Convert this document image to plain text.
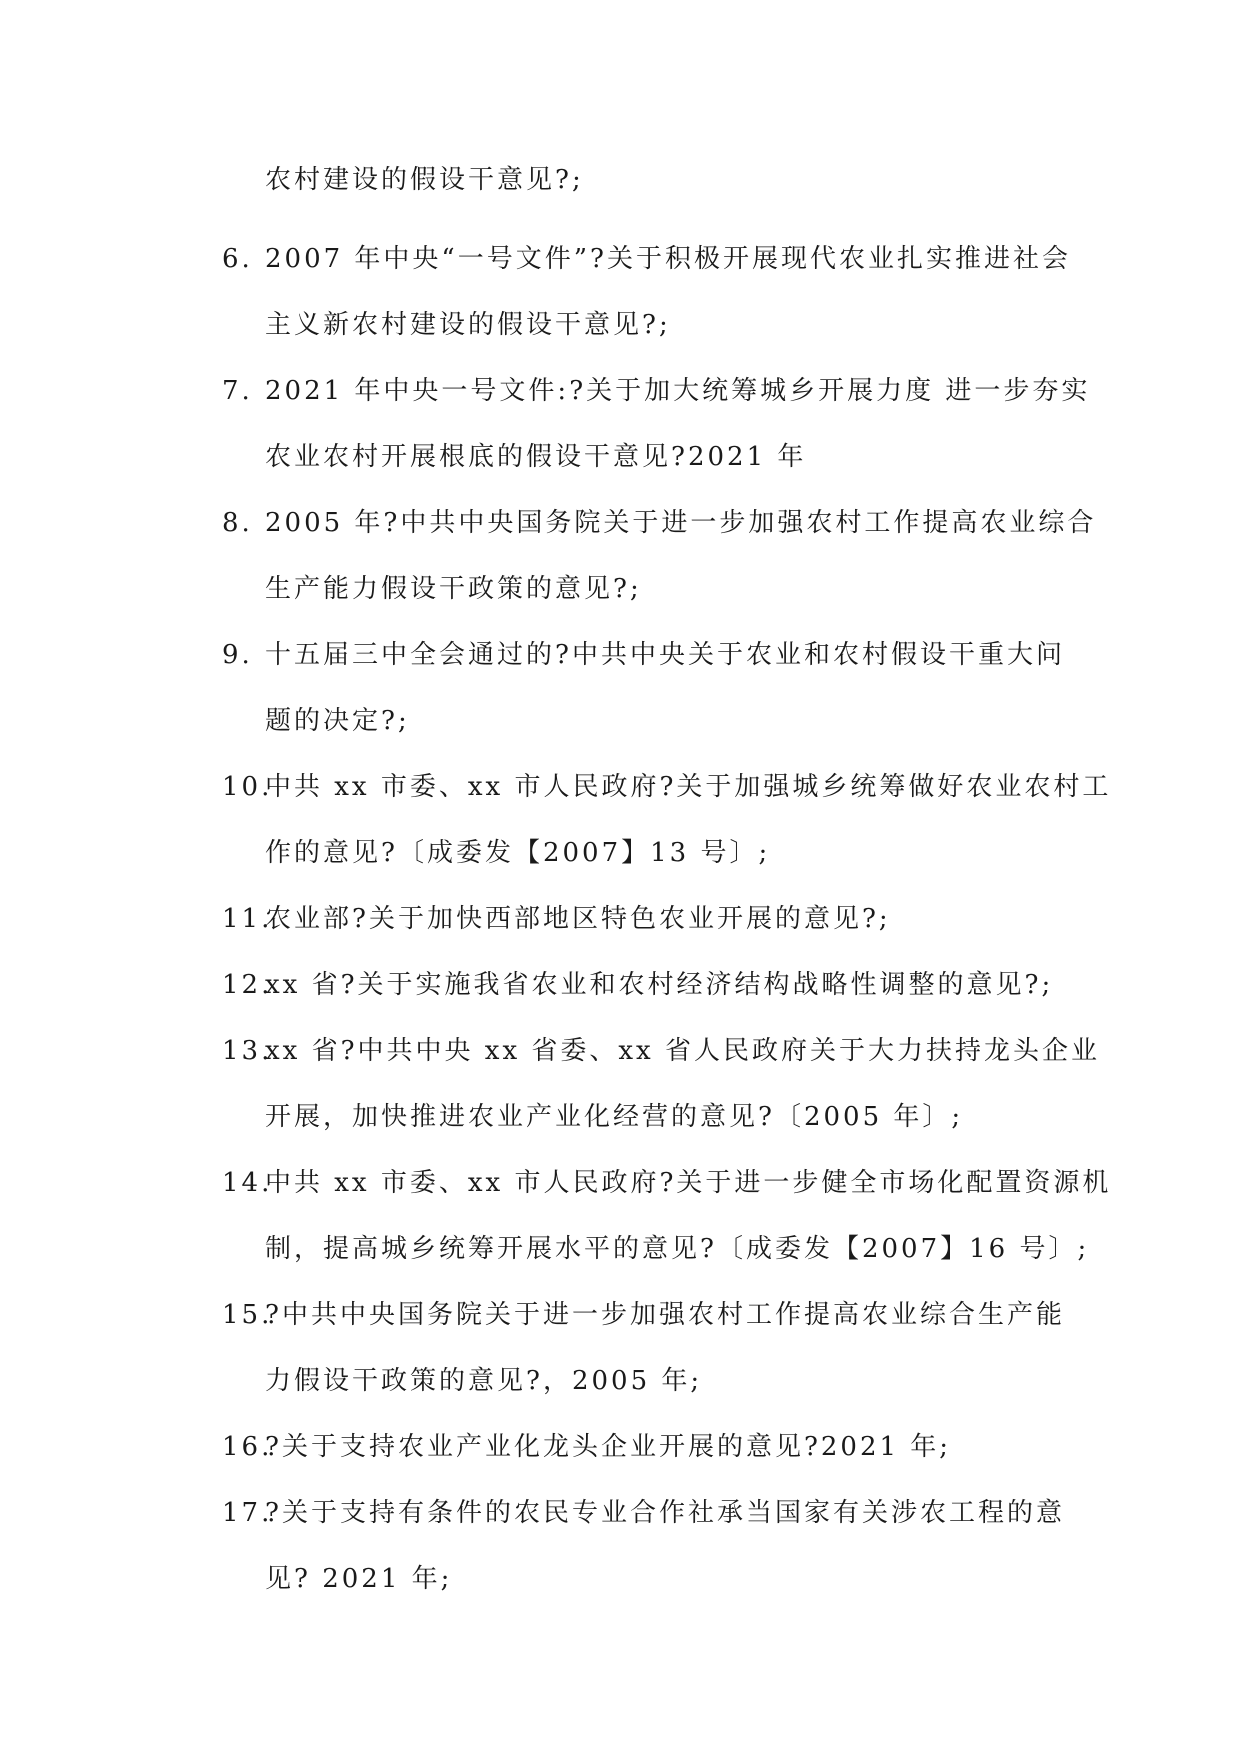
农村建设的假设干意见?;
6. 2007 年中央“一号文件”?关于积极开展现代农业扎实推进社会
主义新农村建设的假设干意见?;
7. 2021 年中央一号文件:?关于加大统筹城乡开展力度 进一步夯实
农业农村开展根底的假设干意见?2021 年
8. 2005 年?中共中央国务院关于进一步加强农村工作提高农业综合
生产能力假设干政策的意见?;
9. 十五届三中全会通过的?中共中央关于农业和农村假设干重大问
题的决定?;
10.
中共 xx 市委、xx 市人民政府?关于加强城乡统筹做好农业农村工
作的意见?〔成委发【2007】13 号〕;
11.
农业部?关于加快西部地区特色农业开展的意见?;
12.
xx 省?关于实施我省农业和农村经济结构战略性调整的意见?;
13.
xx 省?中共中央 xx 省委、xx 省人民政府关于大力扶持龙头企业
开展，加快推进农业产业化经营的意见?〔2005 年〕;
14.
中共 xx 市委、xx 市人民政府?关于进一步健全市场化配置资源机
制，提高城乡统筹开展水平的意见?〔成委发【2007】16 号〕;
15.
?中共中央国务院关于进一步加强农村工作提高农业综合生产能
力假设干政策的意见?，2005 年;
16.
?关于支持农业产业化龙头企业开展的意见?2021 年;
17.
?关于支持有条件的农民专业合作社承当国家有关涉农工程的意
见? 2021 年;
